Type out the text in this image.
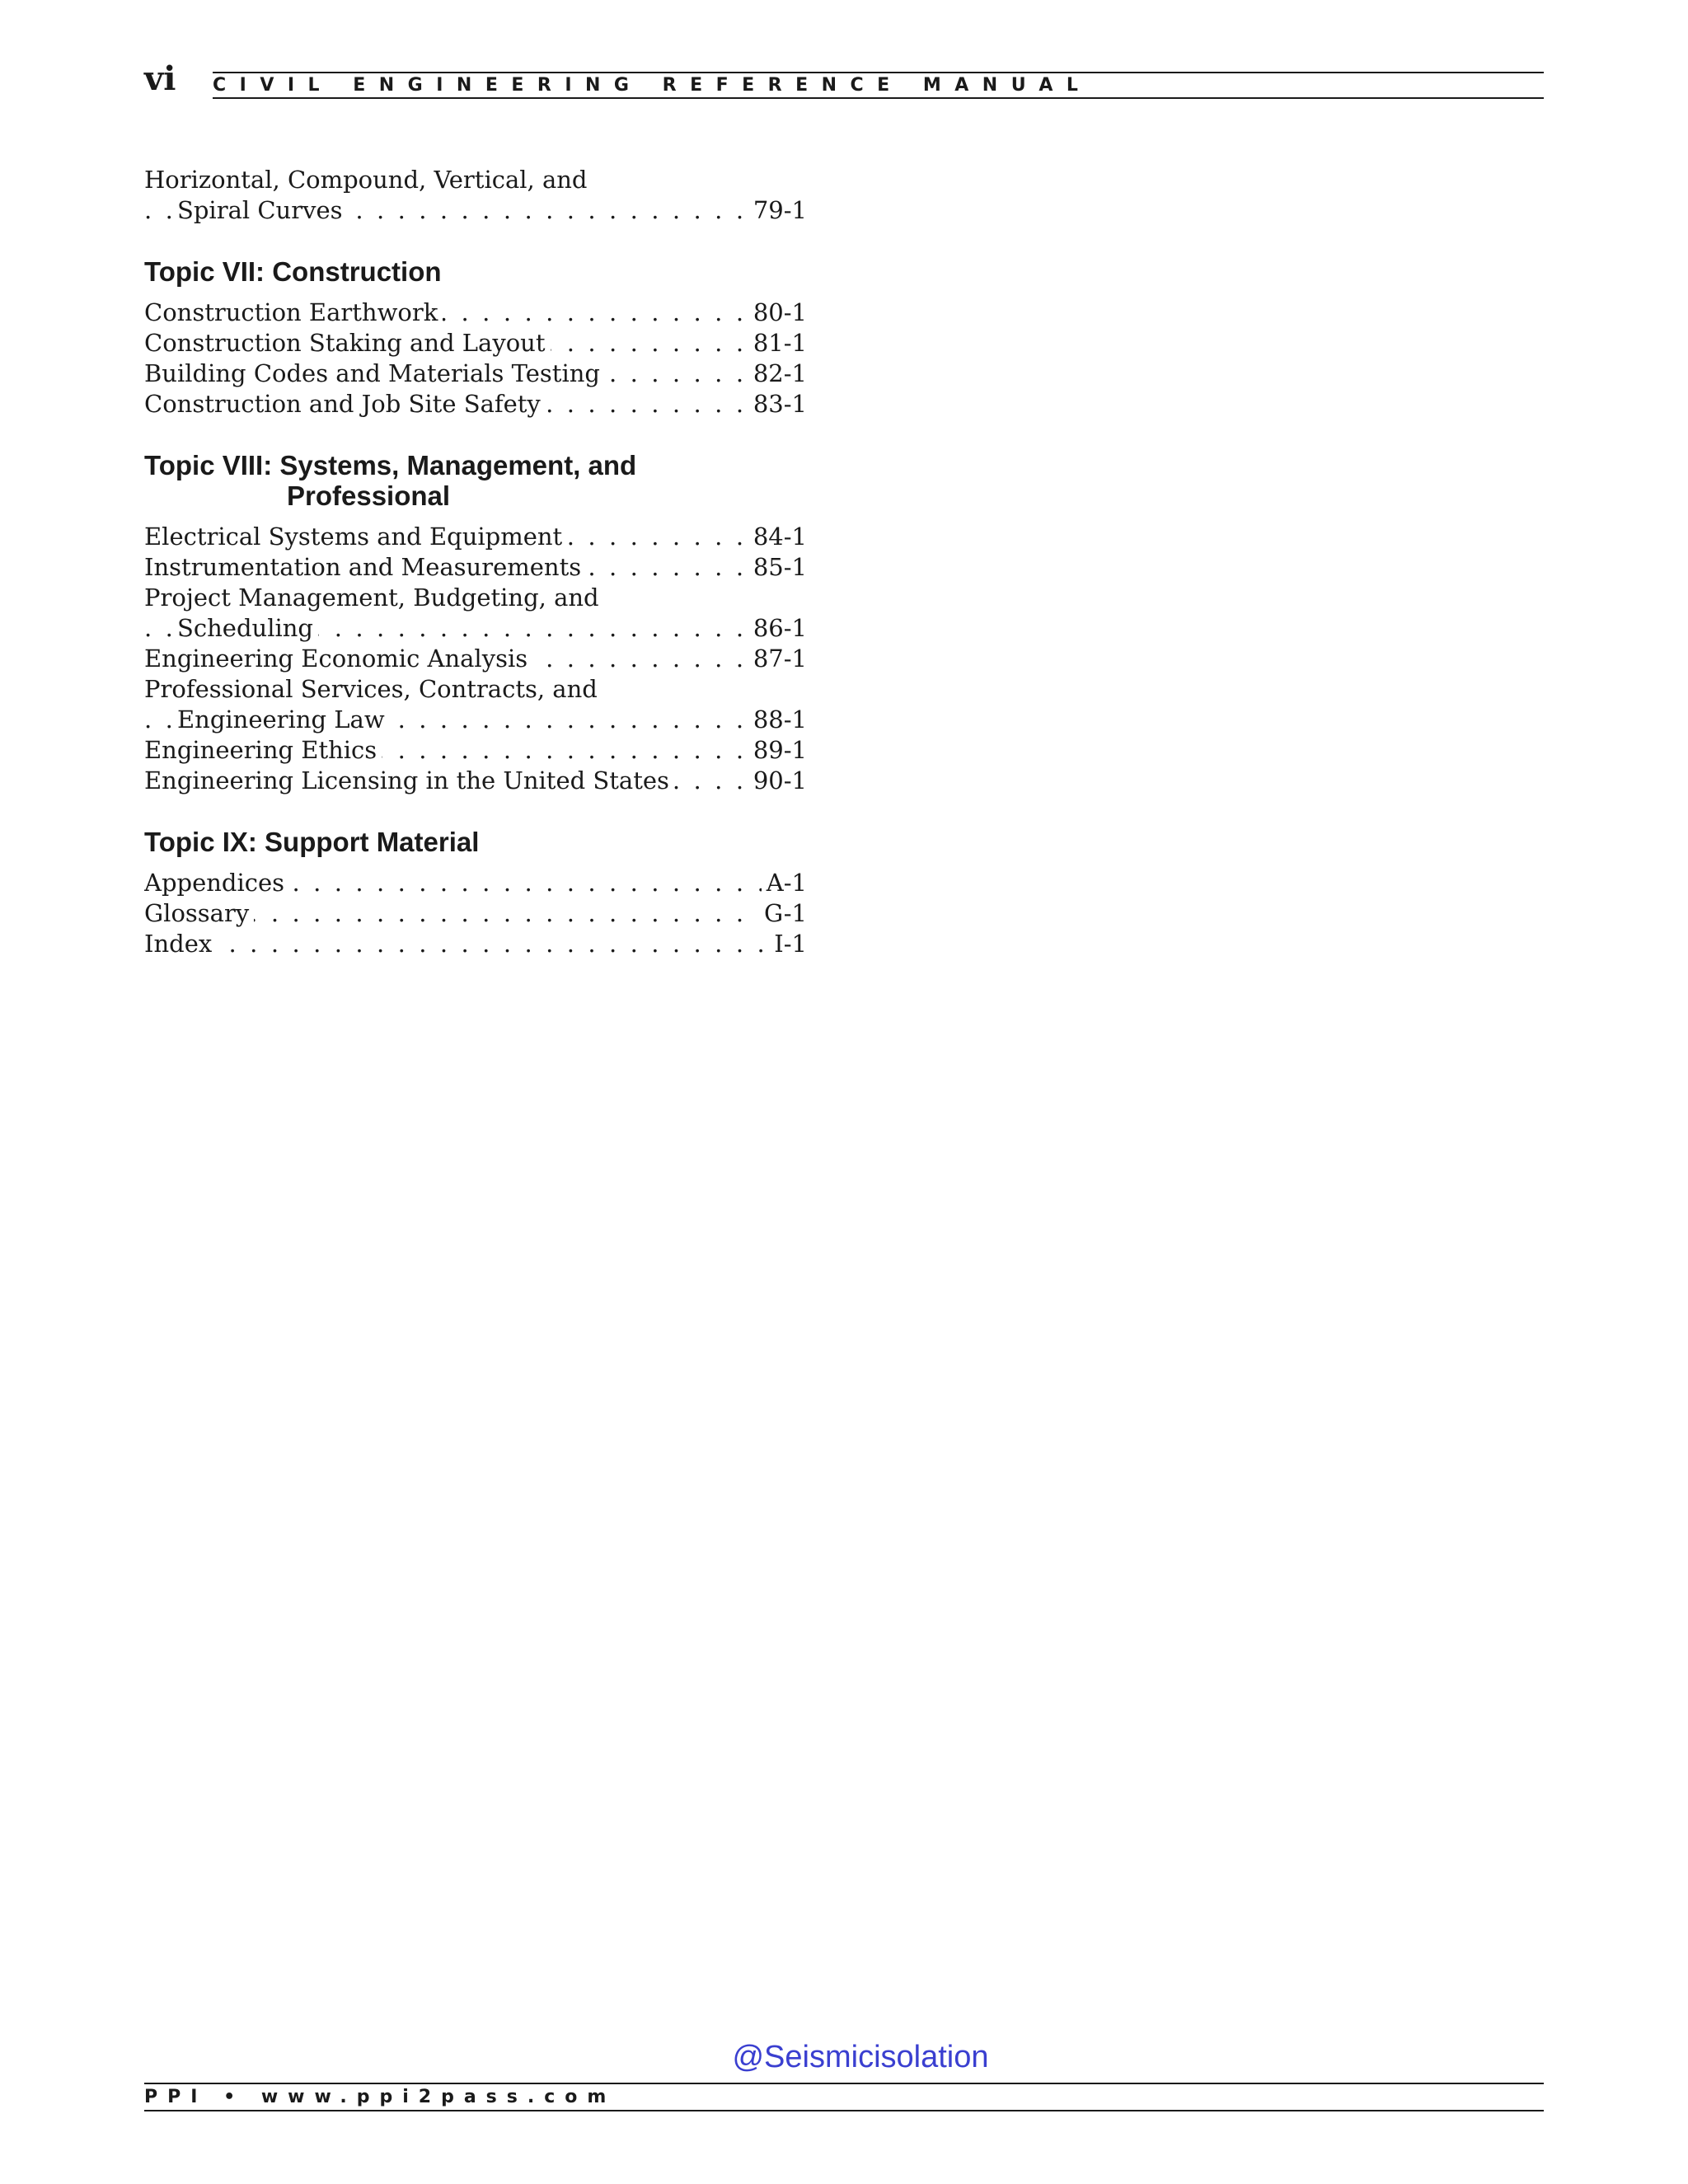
vi CIVIL ENGINEERING REFERENCE MANUAL
Horizontal, Compound, Vertical, and
. . . Spiral Curves	79-1
Topic VII: Construction
. . . Construction Earthwork	80-1
. . . Construction Staking and Layout	81-1
. . . Building Codes and Materials Testing	82-1
. . . Construction and Job Site Safety	83-1
Topic VIII: Systems, Management, and
Professional
. . . Electrical Systems and Equipment	84-1
. . . Instrumentation and Measurements	85-1
Project Management, Budgeting, and
. . . Scheduling	86-1
. . . Engineering Economic Analysis	87-1
Professional Services, Contracts, and
. . . Engineering Law	88-1
. . . Engineering Ethics	89-1
. . . Engineering Licensing in the United States	90-1
Topic IX: Support Material
. . . Appendices	A-1
. . . Glossary	G-1
. . . Index	I-1
@Seismicisolation
PPI • www.ppi2pass.com
